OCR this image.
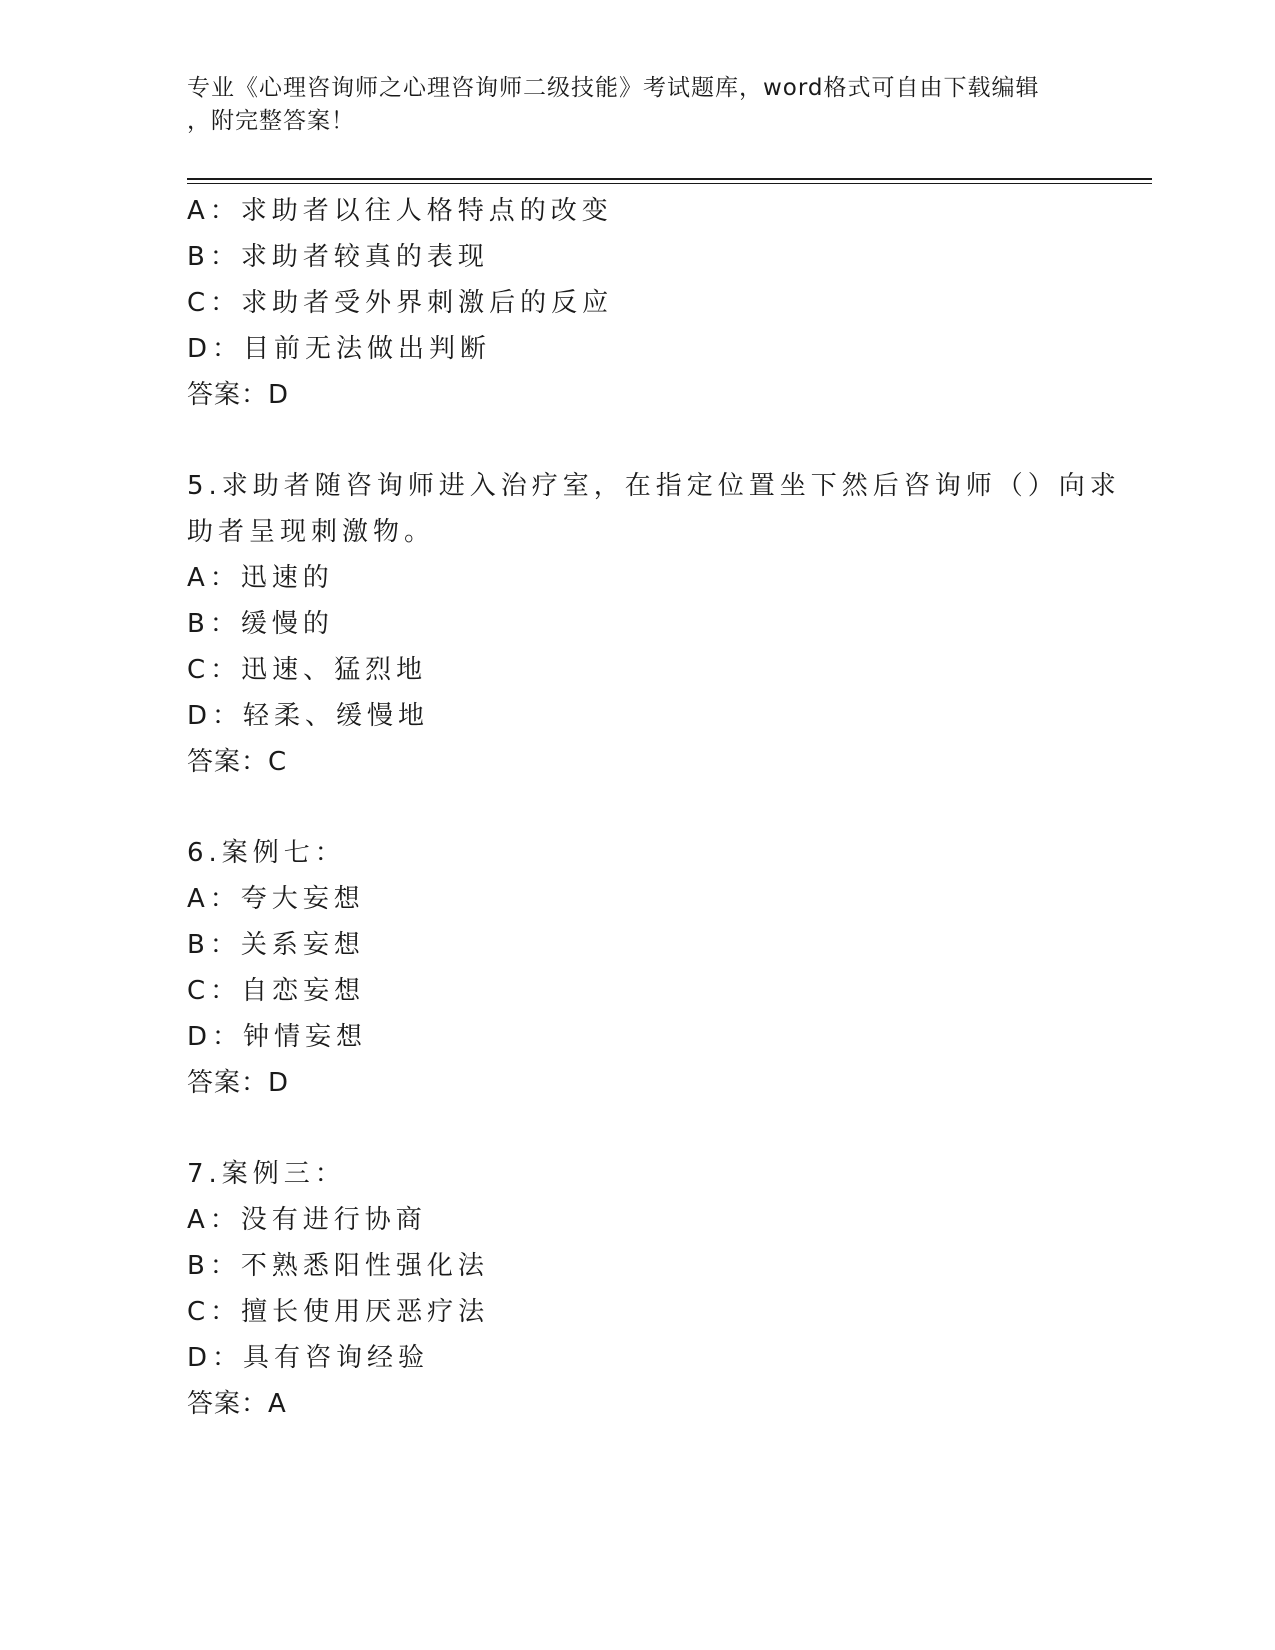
专业《心理咨询师之心理咨询师二级技能》考试题库，word格式可自由下载编辑
，附完整答案！
A：求助者以往人格特点的改变
B：求助者较真的表现
C：求助者受外界刺激后的反应
D：目前无法做出判断
答案：D
5.求助者随咨询师进入治疗室，在指定位置坐下然后咨询师（）向求
助者呈现刺激物。
A：迅速的
B：缓慢的
C：迅速、猛烈地
D：轻柔、缓慢地
答案：C
6.案例七：
A：夸大妄想
B：关系妄想
C：自恋妄想
D：钟情妄想
答案：D
7.案例三：
A：没有进行协商
B：不熟悉阳性强化法
C：擅长使用厌恶疗法
D：具有咨询经验
答案：A
